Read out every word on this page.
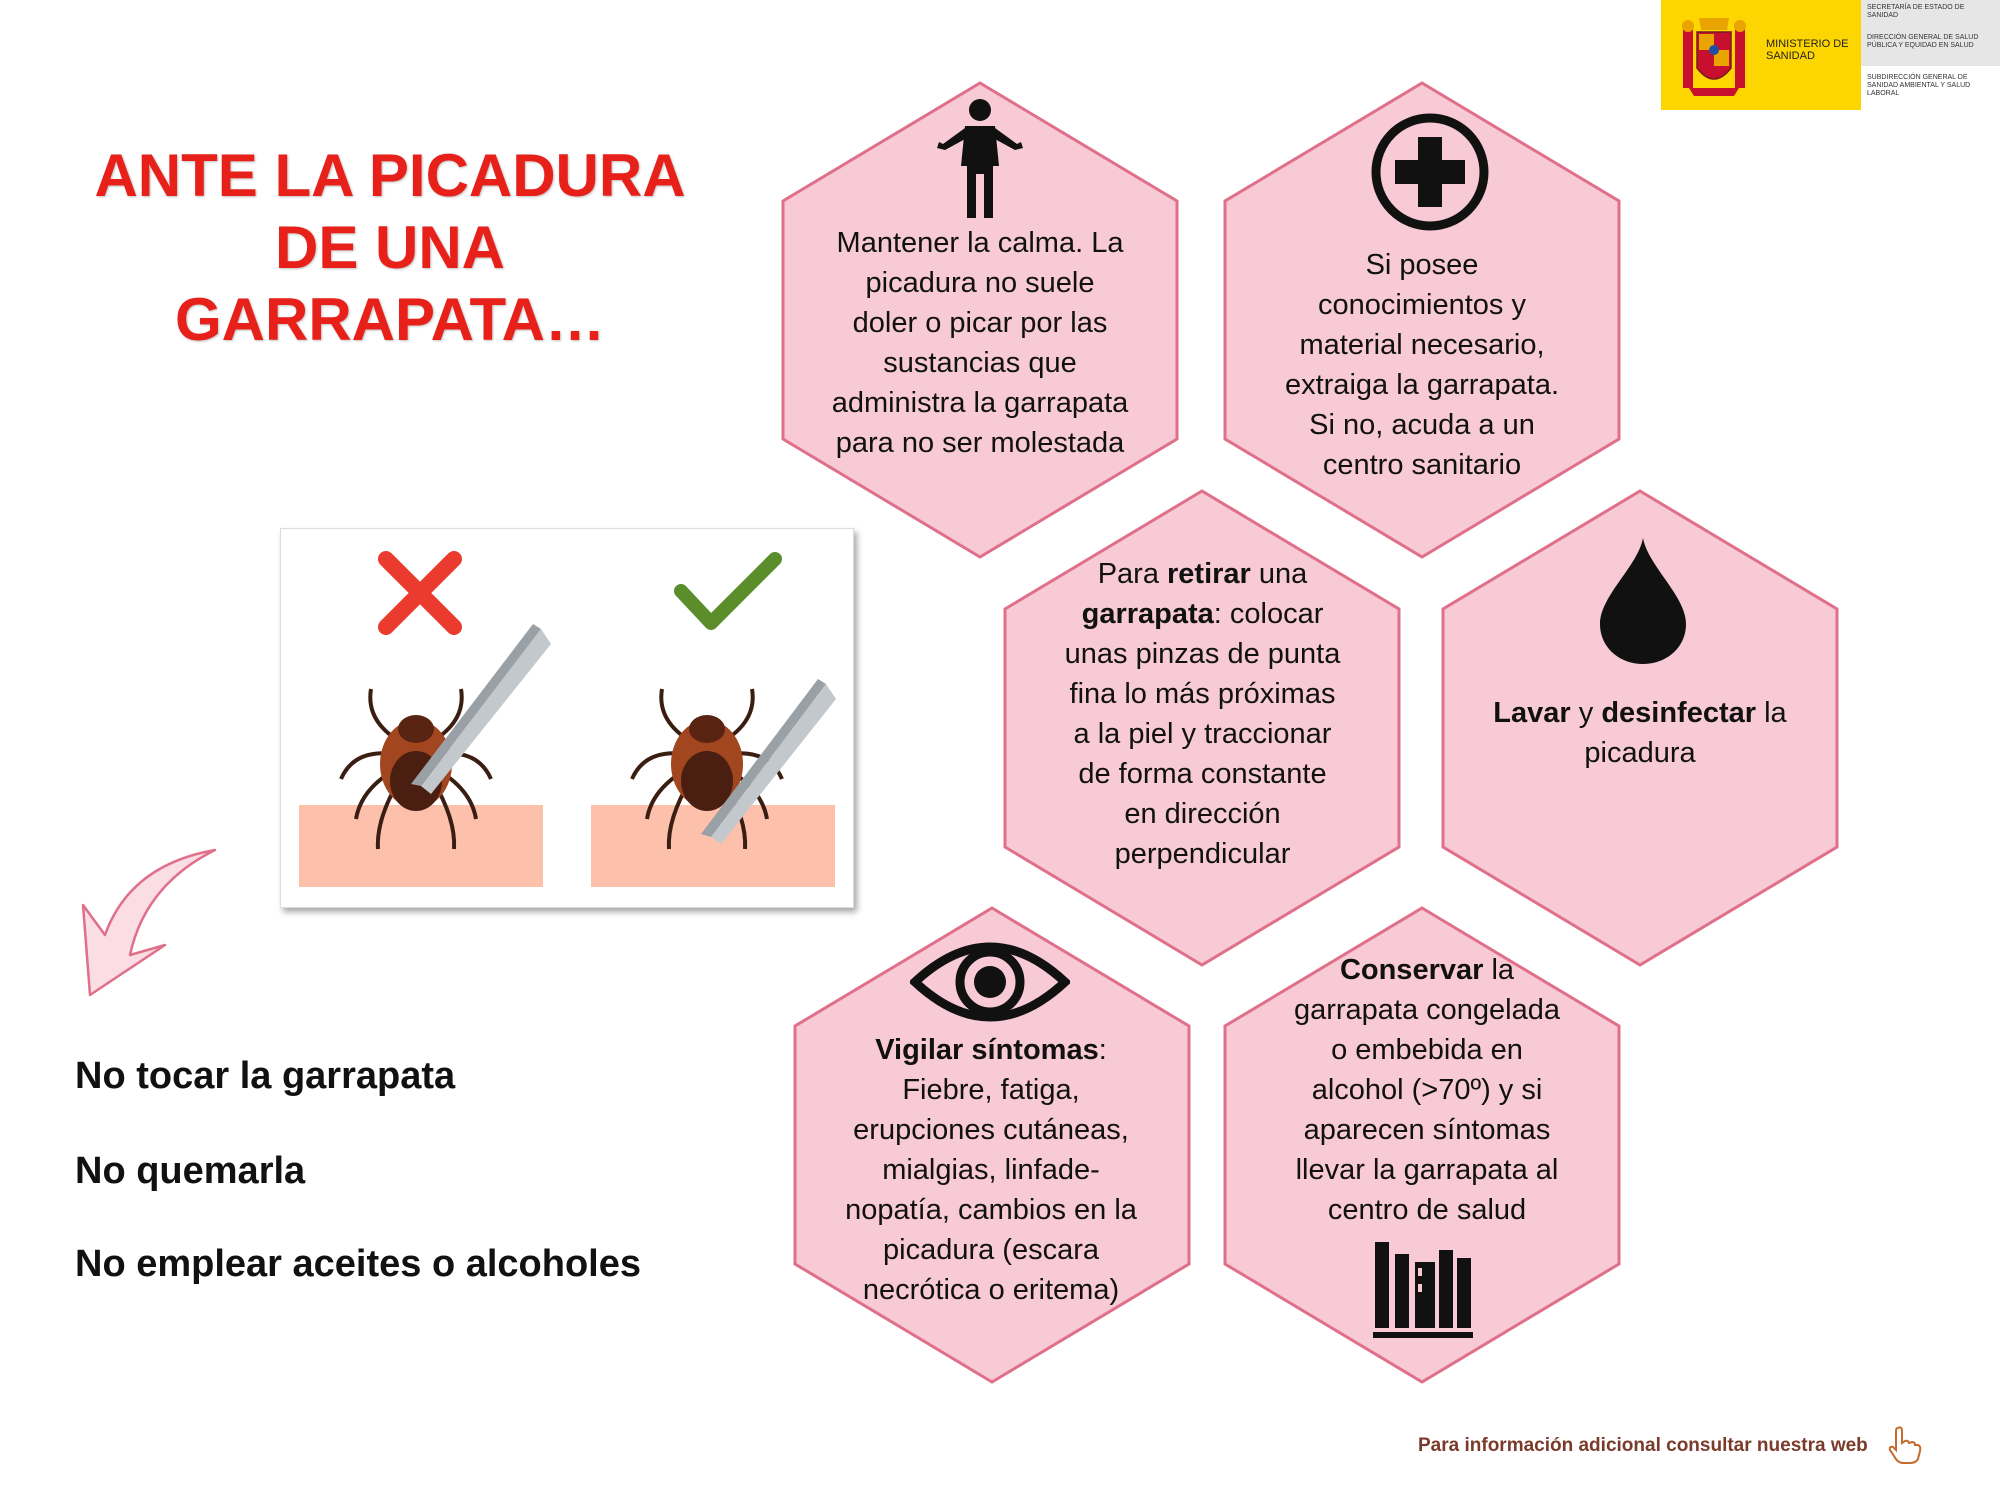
MINISTERIO DE SANIDAD
SECRETARÍA DE ESTADO DE SANIDAD
DIRECCIÓN GENERAL DE SALUD PÚBLICA Y EQUIDAD EN SALUD
SUBDIRECCIÓN GENERAL DE SANIDAD AMBIENTAL Y SALUD LABORAL
ANTE LA PICADURA DE UNA GARRAPATA…
Mantener la calma. La picadura no suele doler o picar por las sustancias que administra la garrapata para no ser molestada
Si posee conocimientos y material necesario, extraiga la garrapata. Si no, acuda a un centro sanitario
Para retirar una garrapata: colocar unas pinzas de punta fina lo más próximas a la piel y traccionar de forma constante en dirección perpendicular
Lavar y desinfectar la picadura
Vigilar síntomas: Fiebre, fatiga, erupciones cutáneas, mialgias, linfade-nopatía, cambios en la picadura (escara necrótica o eritema)
Conservar la garrapata congelada o embebida en alcohol (>70º) y si aparecen síntomas llevar la garrapata al centro de salud
No tocar la garrapata
No quemarla
No emplear aceites o alcoholes
Para información adicional consultar nuestra web
